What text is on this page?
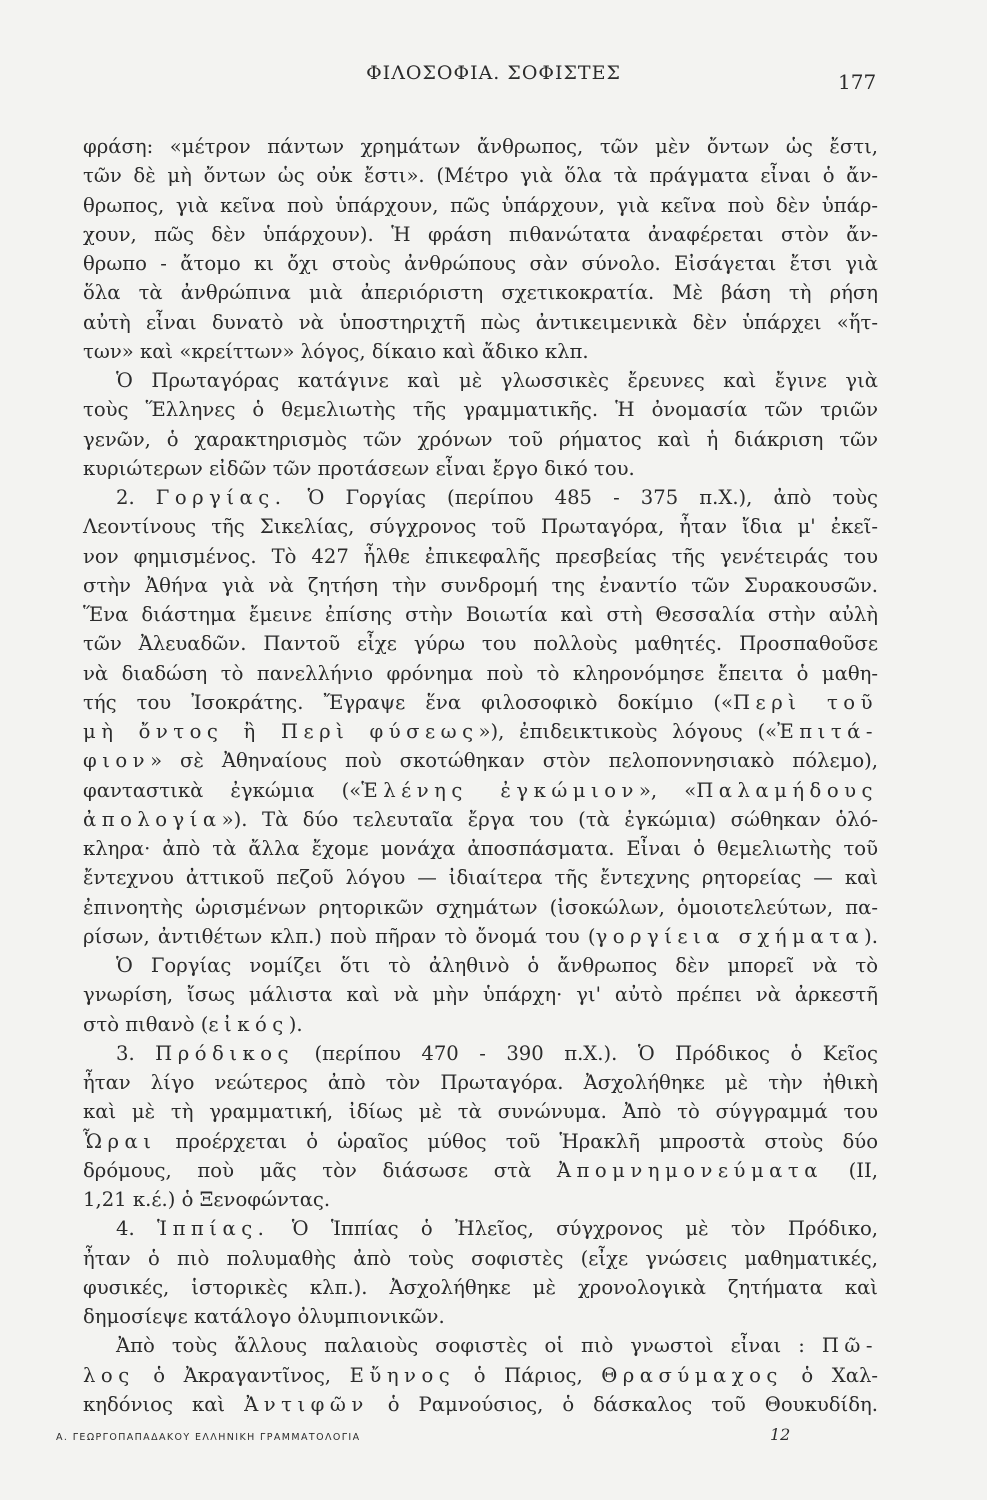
ΦΙΛΟΣΟΦΙΑ. ΣΟΦΙΣΤΕΣ	177
φράση: «μέτρον πάντων χρημάτων ἄνθρωπος, τῶν μὲν ὄντων ὡς ἔστι,
τῶν δὲ μὴ ὄντων ὡς οὐκ ἔστι». (Μέτρο γιὰ ὅλα τὰ πράγματα εἶναι ὁ ἄν-
θρωπος, γιὰ κεῖνα ποὺ ὑπάρχουν, πῶς ὑπάρχουν, γιὰ κεῖνα ποὺ δὲν ὑπάρ-
χουν, πῶς δὲν ὑπάρχουν). Ἡ φράση πιθανώτατα ἀναφέρεται στὸν ἄν-
θρωπο - ἄτομο κι ὄχι στοὺς ἀνθρώπους σὰν σύνολο. Εἰσάγεται ἔτσι γιὰ
ὅλα τὰ ἀνθρώπινα μιὰ ἀπεριόριστη σχετικοκρατία. Μὲ βάση τὴ ρήση
αὐτὴ εἶναι δυνατὸ νὰ ὑποστηριχτῆ πὼς ἀντικειμενικὰ δὲν ὑπάρχει «ἥτ-
των» καὶ «κρείττων» λόγος, δίκαιο καὶ ἄδικο κλπ.
Ὁ Πρωταγόρας κατάγινε καὶ μὲ γλωσσικὲς ἔρευνες καὶ ἔγινε γιὰ
τοὺς Ἕλληνες ὁ θεμελιωτὴς τῆς γραμματικῆς. Ἡ ὀνομασία τῶν τριῶν
γενῶν, ὁ χαρακτηρισμὸς τῶν χρόνων τοῦ ρήματος καὶ ἡ διάκριση τῶν
κυριώτερων εἰδῶν τῶν προτάσεων εἶναι ἔργο δικό του.
2. Γοργίας. Ὁ Γοργίας (περίπου 485 - 375 π.Χ.), ἀπὸ τοὺς
Λεοντίνους τῆς Σικελίας, σύγχρονος τοῦ Πρωταγόρα, ἦταν ἴδια μ' ἐκεῖ-
νον φημισμένος. Τὸ 427 ἦλθε ἐπικεφαλῆς πρεσβείας τῆς γενέτειράς του
στὴν Ἀθήνα γιὰ νὰ ζητήση τὴν συνδρομή της ἐναντίο τῶν Συρακουσῶν.
Ἕνα διάστημα ἔμεινε ἐπίσης στὴν Βοιωτία καὶ στὴ Θεσσαλία στὴν αὐλὴ
τῶν Ἀλευαδῶν. Παντοῦ εἶχε γύρω του πολλοὺς μαθητές. Προσπαθοῦσε
νὰ διαδώση τὸ πανελλήνιο φρόνημα ποὺ τὸ κληρονόμησε ἔπειτα ὁ μαθη-
τής του Ἰσοκράτης. Ἔγραψε ἕνα φιλοσοφικὸ δοκίμιο («Περὶ τοῦ
μὴ ὄντος ἢ Περὶ φύσεως»), ἐπιδεικτικοὺς λόγους («Ἐπιτά-
φιον» σὲ Ἀθηναίους ποὺ σκοτώθηκαν στὸν πελοποννησιακὸ πόλεμο),
φανταστικὰ ἐγκώμια («Ἑλένης ἐγκώμιον», «Παλαμήδους
ἀπολογία»). Τὰ δύο τελευταῖα ἔργα του (τὰ ἐγκώμια) σώθηκαν ὁλό-
κληρα· ἀπὸ τὰ ἄλλα ἔχομε μονάχα ἀποσπάσματα. Εἶναι ὁ θεμελιωτὴς τοῦ
ἔντεχνου ἀττικοῦ πεζοῦ λόγου — ἰδιαίτερα τῆς ἔντεχνης ρητορείας — καὶ
ἐπινοητὴς ὡρισμένων ρητορικῶν σχημάτων (ἰσοκώλων, ὁμοιοτελεύτων, πα-
ρίσων, ἀντιθέτων κλπ.) ποὺ πῆραν τὸ ὄνομά του (γοργίεια σχήματα).
Ὁ Γοργίας νομίζει ὅτι τὸ ἀληθινὸ ὁ ἄνθρωπος δὲν μπορεῖ νὰ τὸ
γνωρίση, ἴσως μάλιστα καὶ νὰ μὴν ὑπάρχη· γι' αὐτὸ πρέπει νὰ ἀρκεστῆ
στὸ πιθανὸ (εἰκός).
3. Πρόδικος (περίπου 470 - 390 π.Χ.). Ὁ Πρόδικος ὁ Κεῖος
ἦταν λίγο νεώτερος ἀπὸ τὸν Πρωταγόρα. Ἀσχολήθηκε μὲ τὴν ἠθικὴ
καὶ μὲ τὴ γραμματική, ἰδίως μὲ τὰ συνώνυμα. Ἀπὸ τὸ σύγγραμμά του
Ὧραι προέρχεται ὁ ὡραῖος μύθος τοῦ Ἡρακλῆ μπροστὰ στοὺς δύο
δρόμους, ποὺ μᾶς τὸν διάσωσε στὰ Ἀπομνημονεύματα (II,
1,21 κ.έ.) ὁ Ξενοφώντας.
4. Ἱππίας. Ὁ Ἱππίας ὁ Ἠλεῖος, σύγχρονος μὲ τὸν Πρόδικο,
ἦταν ὁ πιὸ πολυμαθὴς ἀπὸ τοὺς σοφιστὲς (εἶχε γνώσεις μαθηματικές,
φυσικές, ἱστορικὲς κλπ.). Ἀσχολήθηκε μὲ χρονολογικὰ ζητήματα καὶ
δημοσίεψε κατάλογο ὀλυμπιονικῶν.
Ἀπὸ τοὺς ἄλλους παλαιοὺς σοφιστὲς οἱ πιὸ γνωστοὶ εἶναι : Πῶ-
λος ὁ Ἀκραγαντῖνος, Εὔηνος ὁ Πάριος, Θρασύμαχος ὁ Χαλ-
κηδόνιος καὶ Ἀντιφῶν ὁ Ραμνούσιος, ὁ δάσκαλος τοῦ Θουκυδίδη.
Α. ΓΕΩΡΓΟΠΑΠΑΔΑΚΟΥ ΕΛΛΗΝΙΚΗ ΓΡΑΜΜΑΤΟΛΟΓΙΑ	12
